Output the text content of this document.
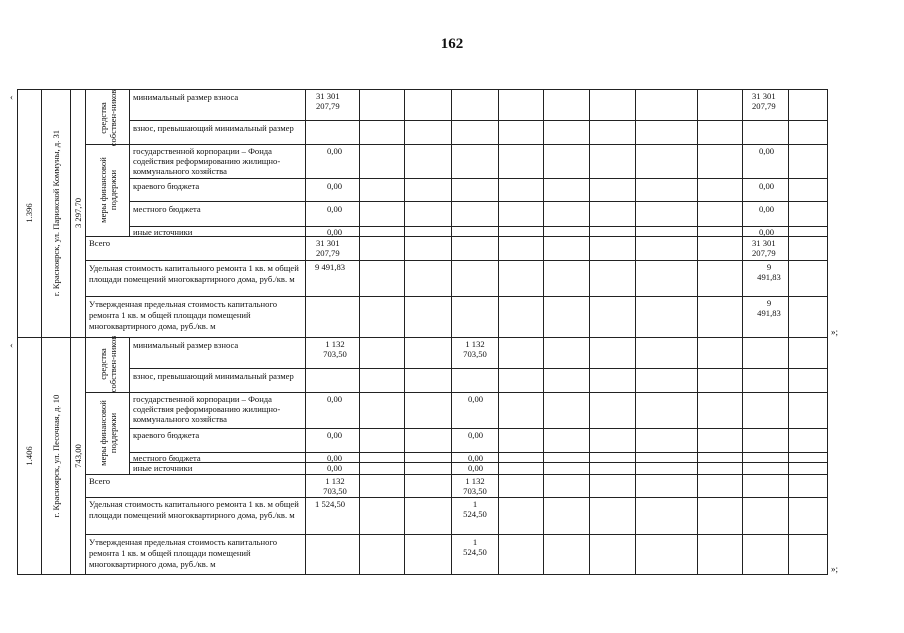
162
‹
‹
»;
»;
1.396 г. Красноярск, ул. Парижской Коммуны, д. 31 3 297,70
средства собствен-ников
меры финансовой поддержки
минимальный размер взноса
взнос, превышающий минимальный размер
государственной корпорации – Фонда содействия реформированию жилищно-коммунального хозяйства
краевого бюджета
местного бюджета
иные источники
Всего
Удельная стоимость капитального ремонта 1 кв. м общей площади помещений многоквартирного дома, руб./кв. м
Утвержденная предельная стоимость капитального ремонта 1 кв. м общей площади помещений многоквартирного дома, руб./кв. м
31 301
207,79
0,00
0,00
0,00
0,00
31 301
207,79
9 491,83
31 301
207,79
0,00
0,00
0,00
0,00
31 301
207,79
9
491,83
9
491,83
1.406 г. Красноярск, ул. Песочная, д. 10 743,00
средства собствен-ников
меры финансовой поддержки
минимальный размер взноса
взнос, превышающий минимальный размер
государственной корпорации – Фонда содействия реформированию жилищно-коммунального хозяйства
краевого бюджета
местного бюджета
иные источники
Всего
Удельная стоимость капитального ремонта 1 кв. м общей площади помещений многоквартирного дома, руб./кв. м
Утвержденная предельная стоимость капитального ремонта 1 кв. м общей площади помещений многоквартирного дома, руб./кв. м
1 132
703,50
0,00
0,00
0,00
0,00
1 132
703,50
1 524,50
1 132
703,50
0,00
0,00
0,00
0,00
1 132
703,50
1
524,50
1
524,50
